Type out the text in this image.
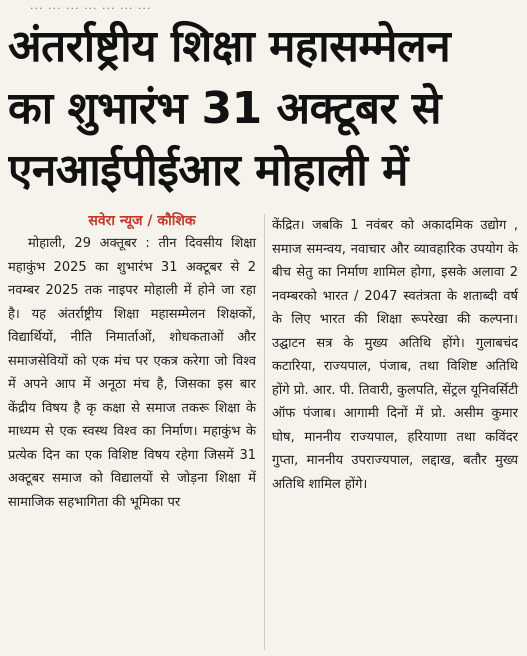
... ... ... ... ... ... ...
अंतर्राष्ट्रीय शिक्षा महासम्मेलन
का शुभारंभ 31 अक्टूबर से
एनआईपीईआर मोहाली में
सवेरा न्यूज / कौशिक
मोहाली, 29 अक्तूबर : तीन दिवसीय शिक्षा महाकुंभ 2025 का शुभारंभ 31 अक्टूबर से 2 नवम्बर 2025 तक नाइपर मोहाली में होने जा रहा है। यह अंतर्राष्ट्रीय शिक्षा महासम्मेलन शिक्षकों, विद्यार्थियों, नीति निमार्ताओं, शोधकताओं और समाजसेवियों को एक मंच पर एकत्र करेगा जो विश्व में अपने आप में अनूठा मंच है, जिसका इस बार केंद्रीय विषय है कृ कक्षा से समाज तकरू शिक्षा के माध्यम से एक स्वस्थ विश्व का निर्माण। महाकुंभ के प्रत्येक दिन का एक विशिष्ट विषय रहेगा जिसमें 31 अक्टूबर समाज को विद्यालयों से जोड़ना शिक्षा में सामाजिक सहभागिता की भूमिका पर
केंद्रित। जबकि 1 नवंबर को अकादमिक उद्योग , समाज समन्वय, नवाचार और व्यावहारिक उपयोग के बीच सेतु का निर्माण शामिल होगा, इसके अलावा 2 नवम्बरको भारत / 2047 स्वतंत्रता के शताब्दी वर्ष के लिए भारत की शिक्षा रूपरेखा की कल्पना। उद्घाटन सत्र के मुख्य अतिथि होंगे। गुलाबचंद कटारिया, राज्यपाल, पंजाब, तथा विशिष्ट अतिथि होंगे प्रो. आर. पी. तिवारी, कुलपति, सेंट्रल यूनिवर्सिटी ऑफ पंजाब। आगामी दिनों में प्रो. असीम कुमार घोष, माननीय राज्यपाल, हरियाणा तथा कविंदर गुप्ता, माननीय उपराज्यपाल, लद्दाख, बतौर मुख्य अतिथि शामिल होंगे।
